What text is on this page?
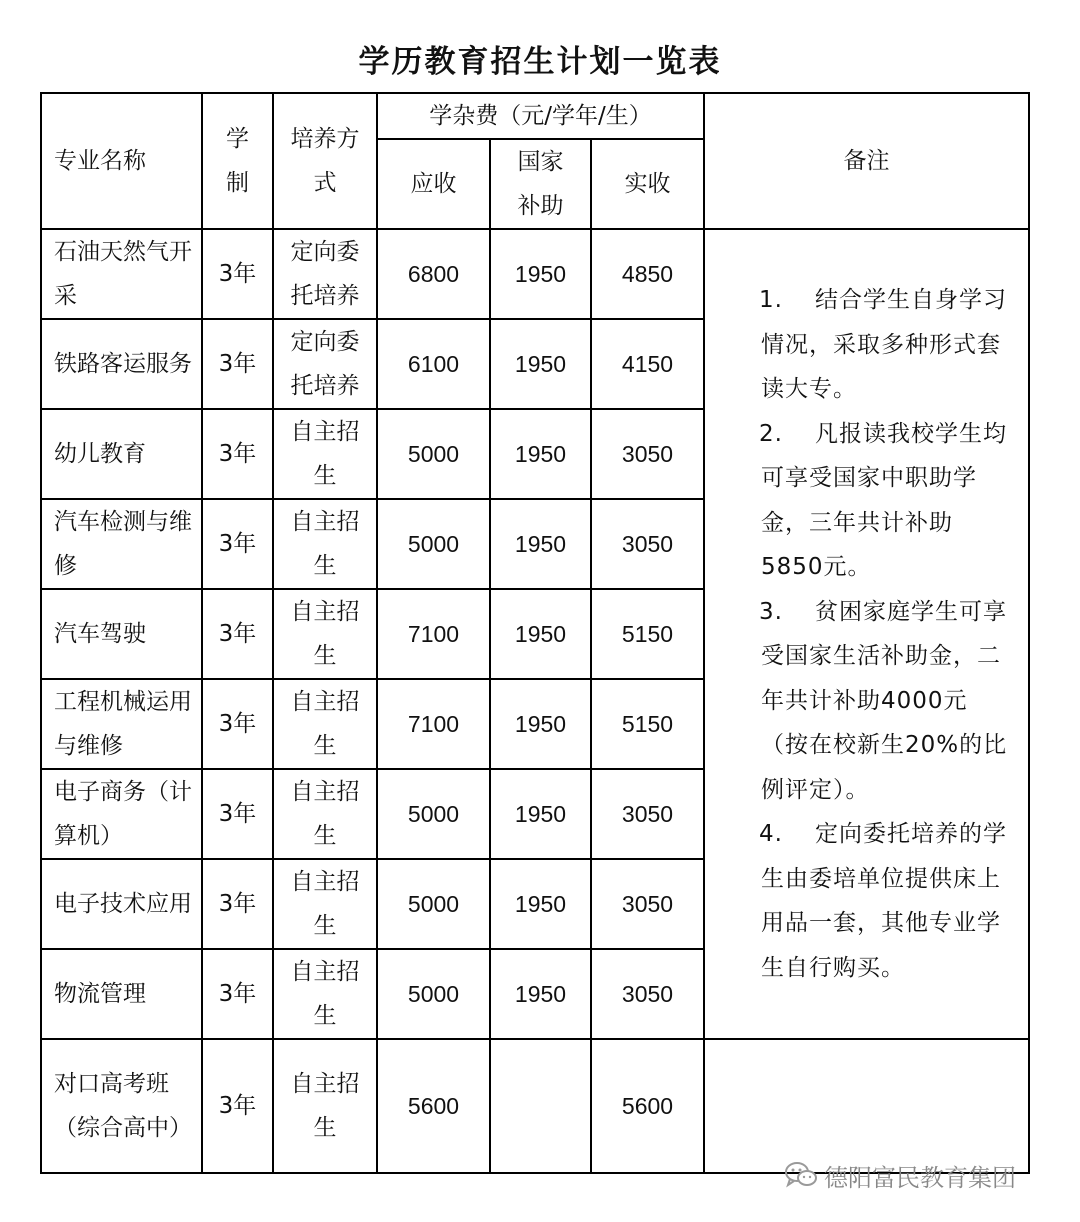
学历教育招生计划一览表
专业名称	学制	培养方式	学杂费（元/学年/生）			备注
			应收	国家补助	实收	
石油天然气开采	3年	定向委托培养	6800	1950	4850	1. 结合学生自身学习情况，采取多种形式套读大专。
2. 凡报读我校学生均可享受国家中职助学金，三年共计补助5850元。
3. 贫困家庭学生可享受国家生活补助金，二年共计补助4000元（按在校新生20%的比例评定）。
4. 定向委托培养的学生由委培单位提供床上用品一套，其他专业学生自行购买。

铁路客运服务	3年	定向委托培养	6100	1950	4150	
幼儿教育	3年	自主招生	5000	1950	3050	
汽车检测与维修	3年	自主招生	5000	1950	3050	
汽车驾驶	3年	自主招生	7100	1950	5150	
工程机械运用与维修	3年	自主招生	7100	1950	5150	
电子商务（计算机）	3年	自主招生	5000	1950	3050	
电子技术应用	3年	自主招生	5000	1950	3050	
物流管理	3年	自主招生	5000	1950	3050	
对口高考班（综合高中）	3年	自主招生	5600		5600	
德阳富民教育集团
